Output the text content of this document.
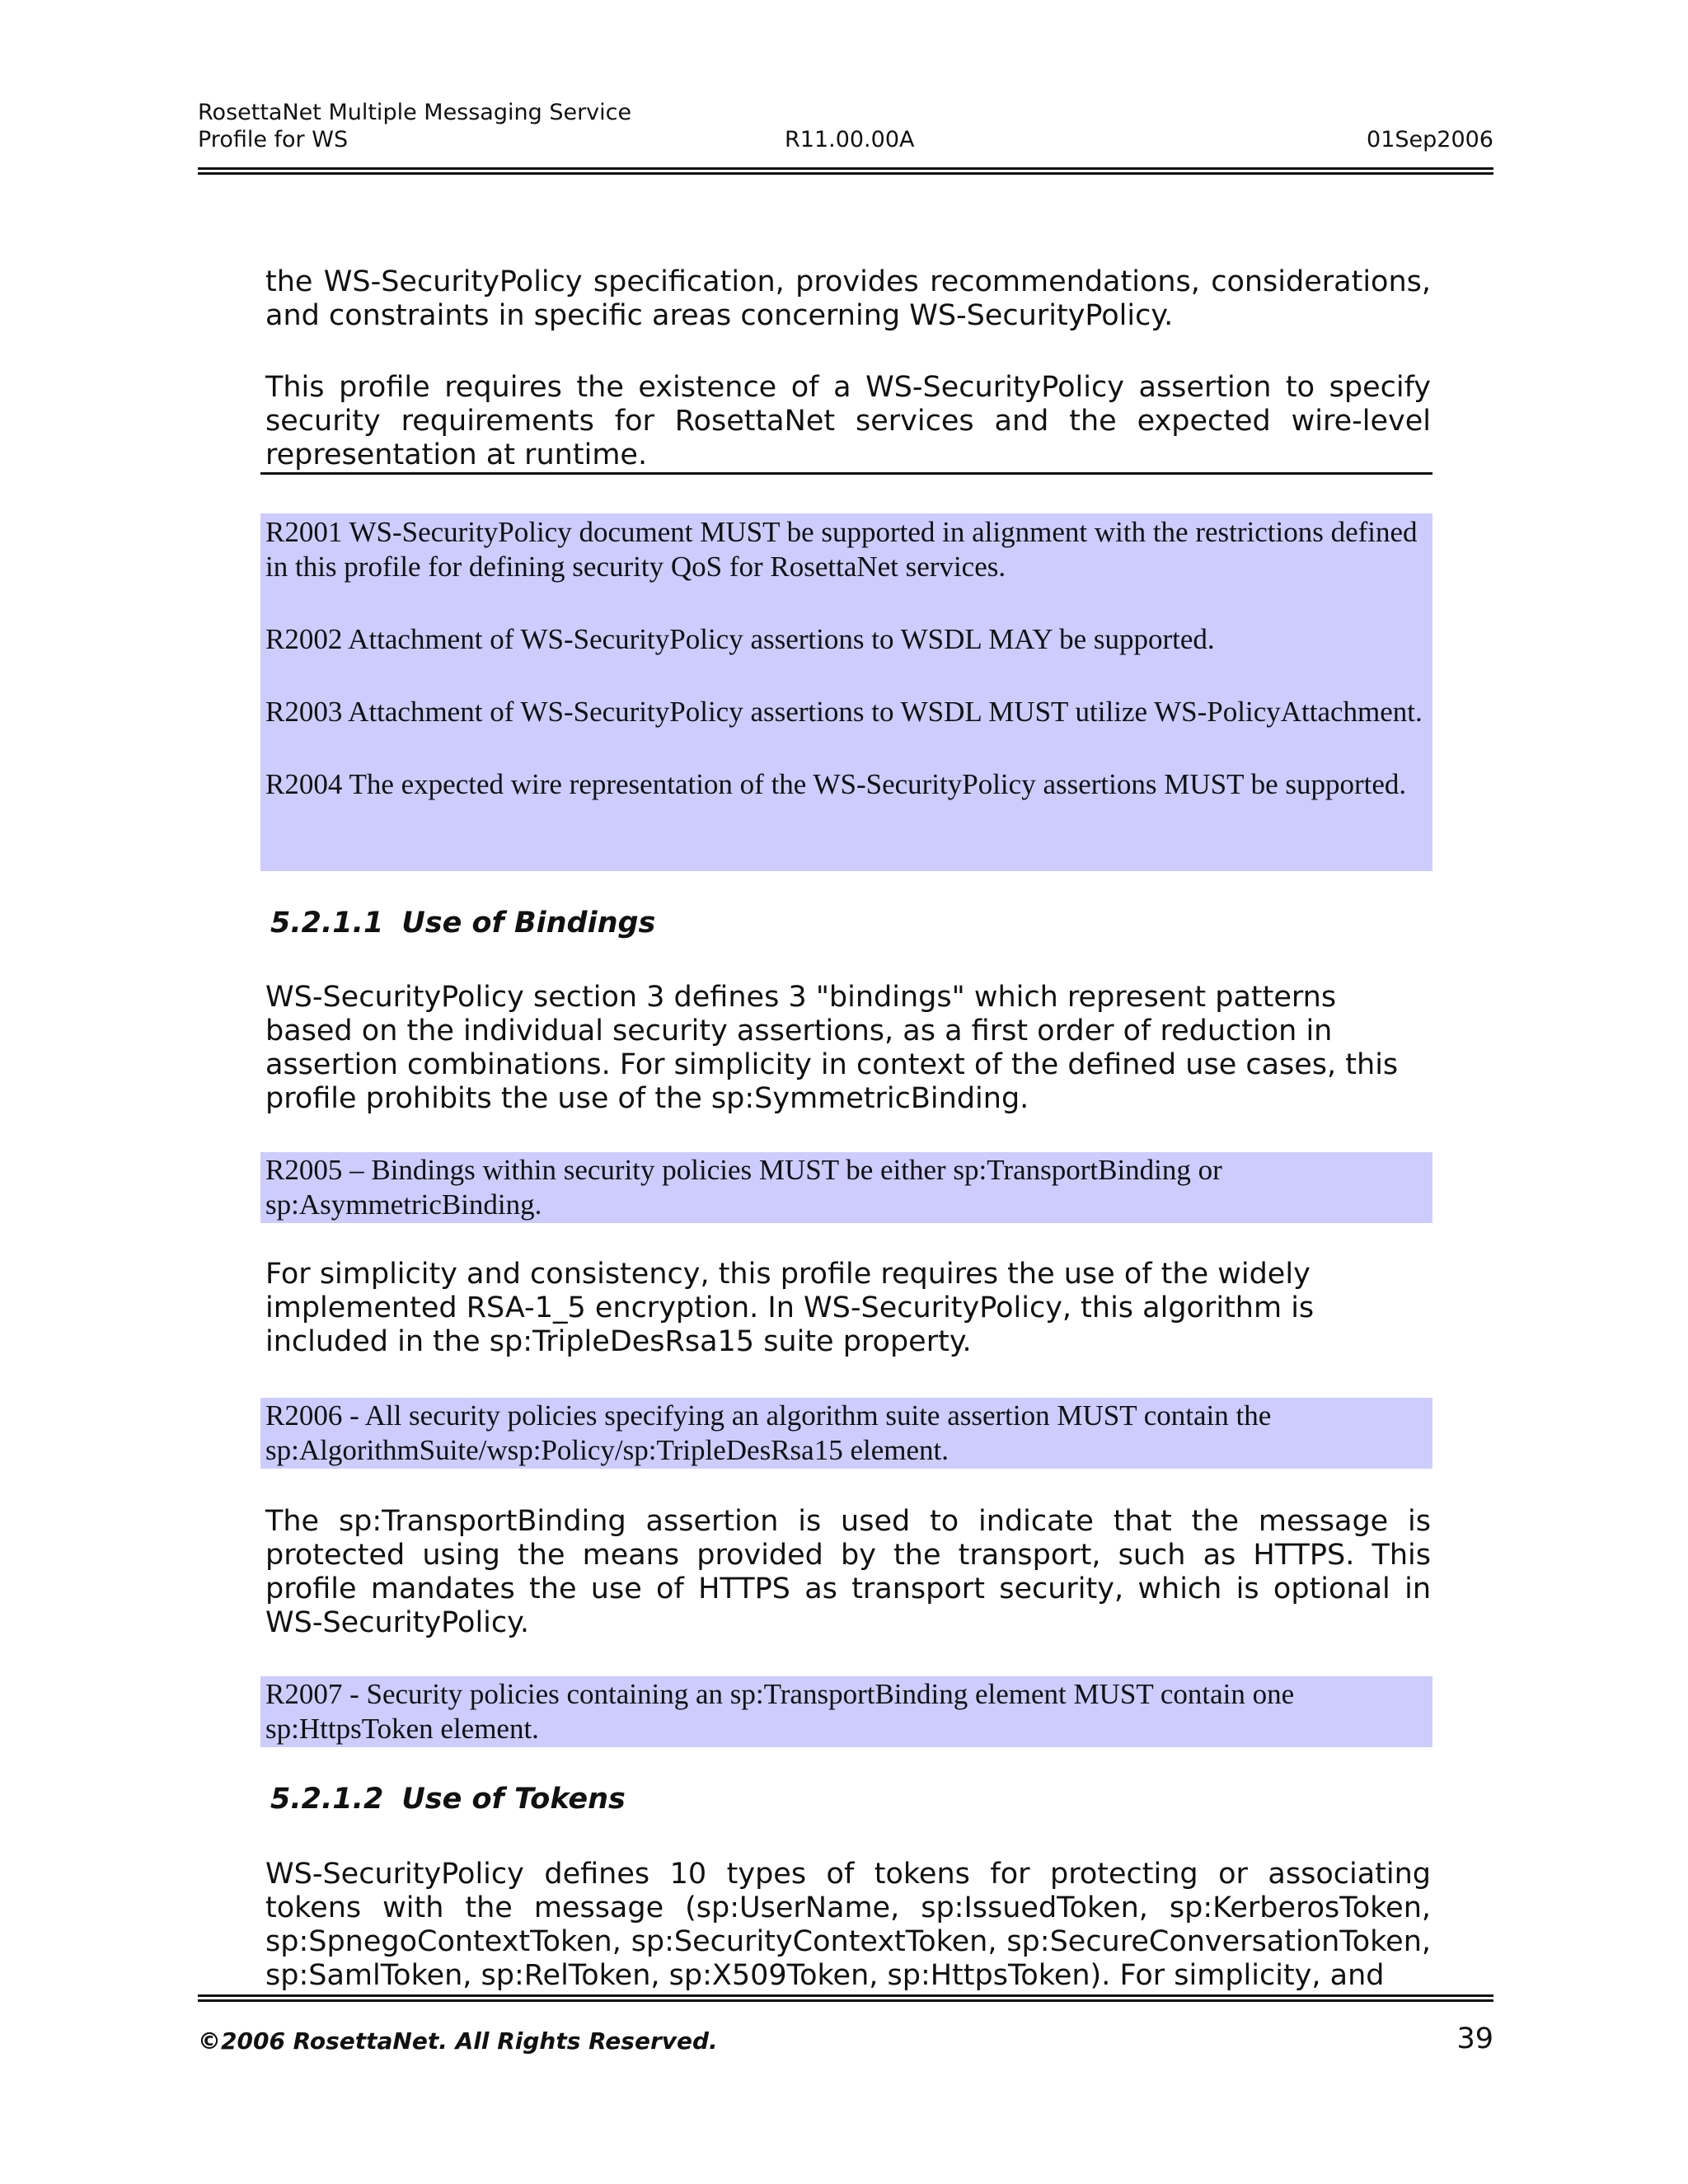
RosettaNet Multiple Messaging Service
Profile for WS	R11.00.00A	01Sep2006

the WS-SecurityPolicy specification, provides recommendations, considerations, and constraints in specific areas concerning WS-SecurityPolicy.

This profile requires the existence of a WS-SecurityPolicy assertion to specify security requirements for RosettaNet services and the expected wire-level representation at runtime.

R2001 WS-SecurityPolicy document MUST be supported in alignment with the restrictions defined in this profile for defining security QoS for RosettaNet services.

R2002 Attachment of WS-SecurityPolicy assertions to WSDL MAY be supported.

R2003 Attachment of WS-SecurityPolicy assertions to WSDL MUST utilize WS-PolicyAttachment.

R2004 The expected wire representation of the WS-SecurityPolicy assertions MUST be supported.

5.2.1.1 Use of Bindings

WS-SecurityPolicy section 3 defines 3 "bindings" which represent patterns based on the individual security assertions, as a first order of reduction in assertion combinations. For simplicity in context of the defined use cases, this profile prohibits the use of the sp:SymmetricBinding.

R2005 – Bindings within security policies MUST be either sp:TransportBinding or sp:AsymmetricBinding.

For simplicity and consistency, this profile requires the use of the widely implemented RSA-1_5 encryption. In WS-SecurityPolicy, this algorithm is included in the sp:TripleDesRsa15 suite property.

R2006 - All security policies specifying an algorithm suite assertion MUST contain the sp:AlgorithmSuite/wsp:Policy/sp:TripleDesRsa15 element.

The sp:TransportBinding assertion is used to indicate that the message is protected using the means provided by the transport, such as HTTPS. This profile mandates the use of HTTPS as transport security, which is optional in WS-SecurityPolicy.

R2007 - Security policies containing an sp:TransportBinding element MUST contain one sp:HttpsToken element.

5.2.1.2 Use of Tokens

WS-SecurityPolicy defines 10 types of tokens for protecting or associating tokens with the message (sp:UserName, sp:IssuedToken, sp:KerberosToken, sp:SpnegoContextToken, sp:SecurityContextToken, sp:SecureConversationToken, sp:SamlToken, sp:RelToken, sp:X509Token, sp:HttpsToken). For simplicity, and

©2006 RosettaNet. All Rights Reserved.	39
